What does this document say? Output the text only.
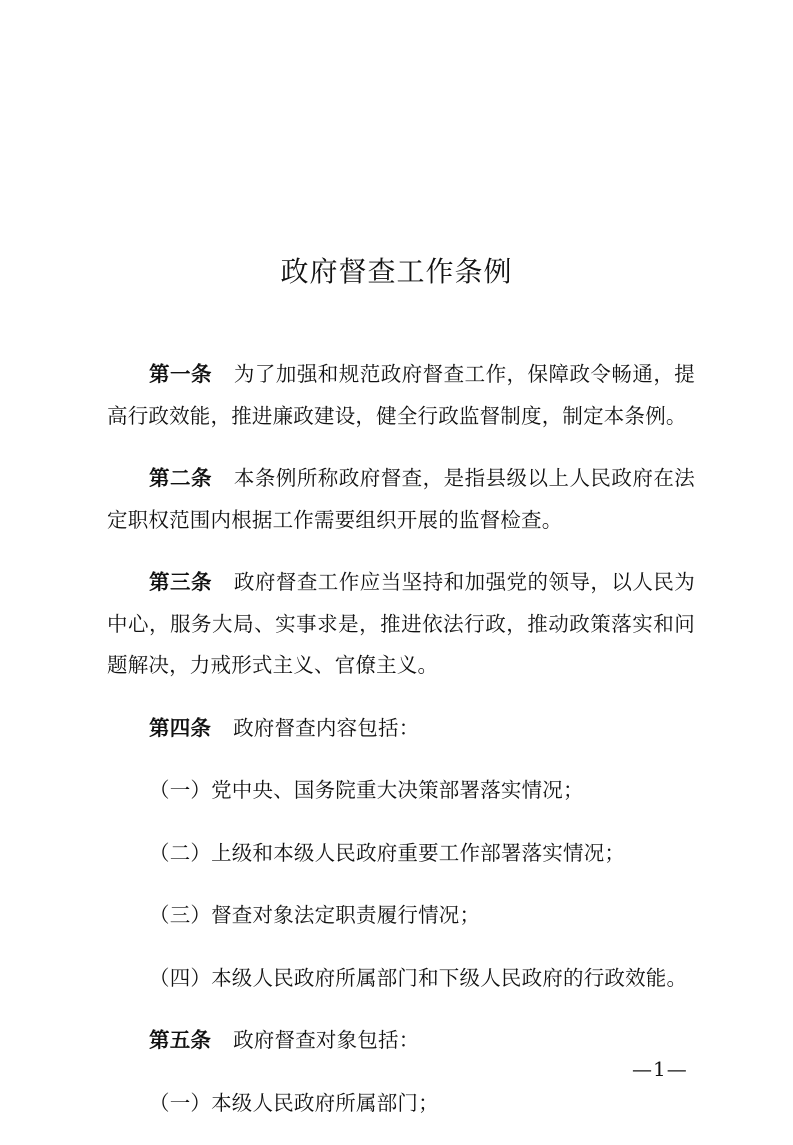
政府督查工作条例

第一条 为了加强和规范政府督查工作，保障政令畅通，提高行政效能，推进廉政建设，健全行政监督制度，制定本条例。

第二条 本条例所称政府督查，是指县级以上人民政府在法定职权范围内根据工作需要组织开展的监督检查。

第三条 政府督查工作应当坚持和加强党的领导，以人民为中心，服务大局、实事求是，推进依法行政，推动政策落实和问题解决，力戒形式主义、官僚主义。

第四条 政府督查内容包括：

（一）党中央、国务院重大决策部署落实情况；

（二）上级和本级人民政府重要工作部署落实情况；

（三）督查对象法定职责履行情况；

（四）本级人民政府所属部门和下级人民政府的行政效能。

第五条 政府督查对象包括：

（一）本级人民政府所属部门；

—1—
